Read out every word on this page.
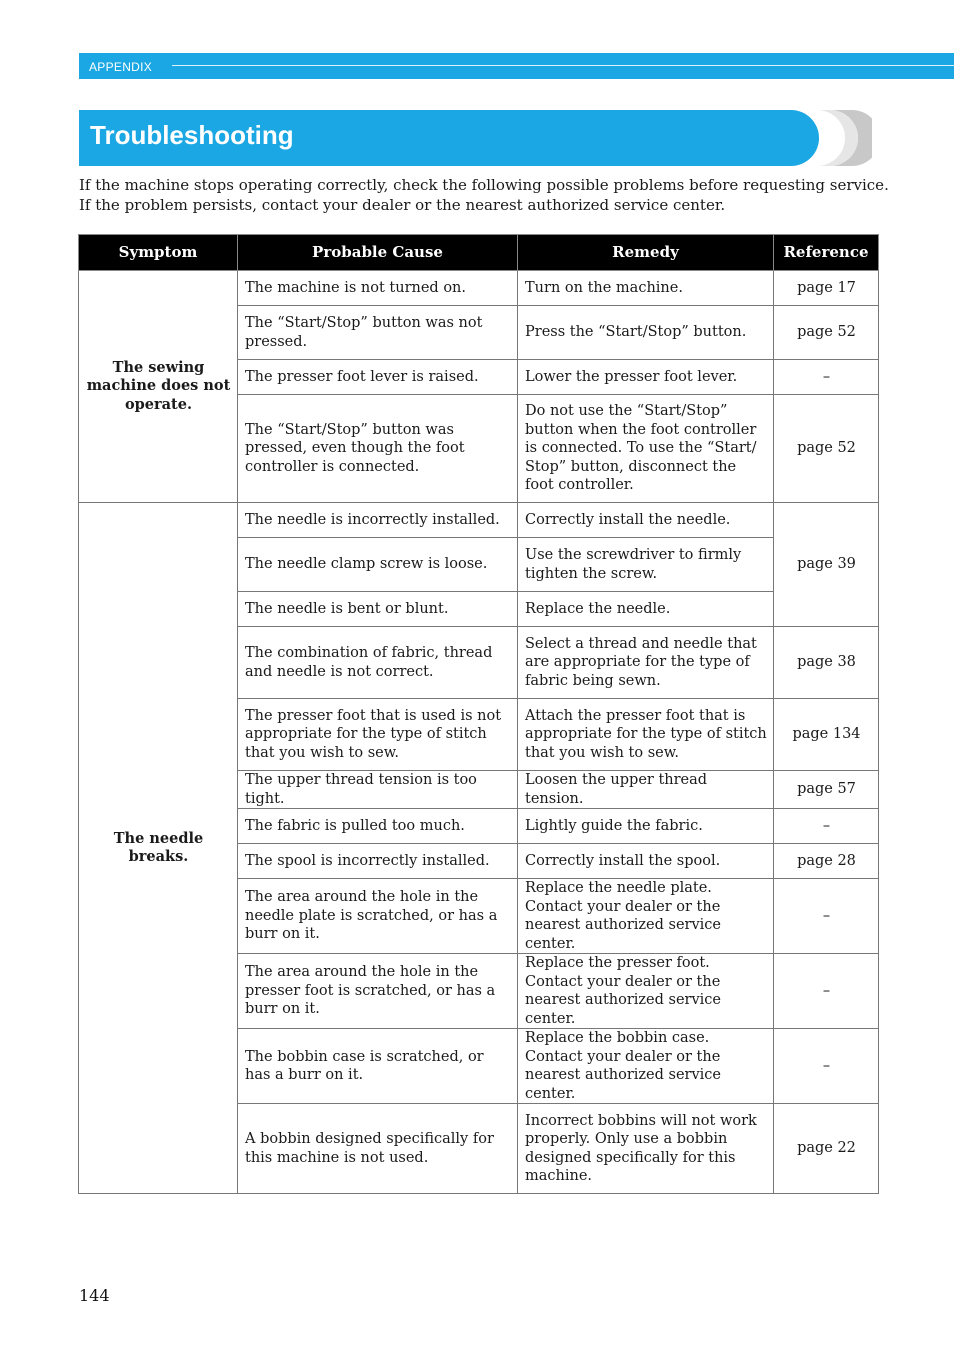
APPENDIX
Troubleshooting

If the machine stops operating correctly, check the following possible problems before requesting service.

If the problem persists, contact your dealer or the nearest authorized service center.

Symptom	Probable Cause	Remedy	Reference
The sewing machine does not operate.	The machine is not turned on.	Turn on the machine.	page 17
	The “Start/Stop” button was not pressed.	Press the “Start/Stop” button.	page 52
	The presser foot lever is raised.	Lower the presser foot lever.	–
	The “Start/Stop” button was pressed, even though the foot controller is connected.	Do not use the “Start/Stop” button when the foot controller is connected. To use the “Start/ Stop” button, disconnect the foot controller.	page 52
The needle breaks.	The needle is incorrectly installed.	Correctly install the needle.	page 39
	The needle clamp screw is loose.	Use the screwdriver to firmly tighten the screw.	
	The needle is bent or blunt.	Replace the needle.	
	The combination of fabric, thread and needle is not correct.	Select a thread and needle that are appropriate for the type of fabric being sewn.	page 38
	The presser foot that is used is not appropriate for the type of stitch that you wish to sew.	Attach the presser foot that is appropriate for the type of stitch that you wish to sew.	page 134
	The upper thread tension is too tight.	Loosen the upper thread tension.	page 57
	The fabric is pulled too much.	Lightly guide the fabric.	–
	The spool is incorrectly installed.	Correctly install the spool.	page 28
	The area around the hole in the needle plate is scratched, or has a burr on it.	Replace the needle plate. Contact your dealer or the nearest authorized service center.	–
	The area around the hole in the presser foot is scratched, or has a burr on it.	Replace the presser foot. Contact your dealer or the nearest authorized service center.	–
	The bobbin case is scratched, or has a burr on it.	Replace the bobbin case. Contact your dealer or the nearest authorized service center.	–
	A bobbin designed specifically for this machine is not used.	Incorrect bobbins will not work properly. Only use a bobbin designed specifically for this machine.	page 22
144
